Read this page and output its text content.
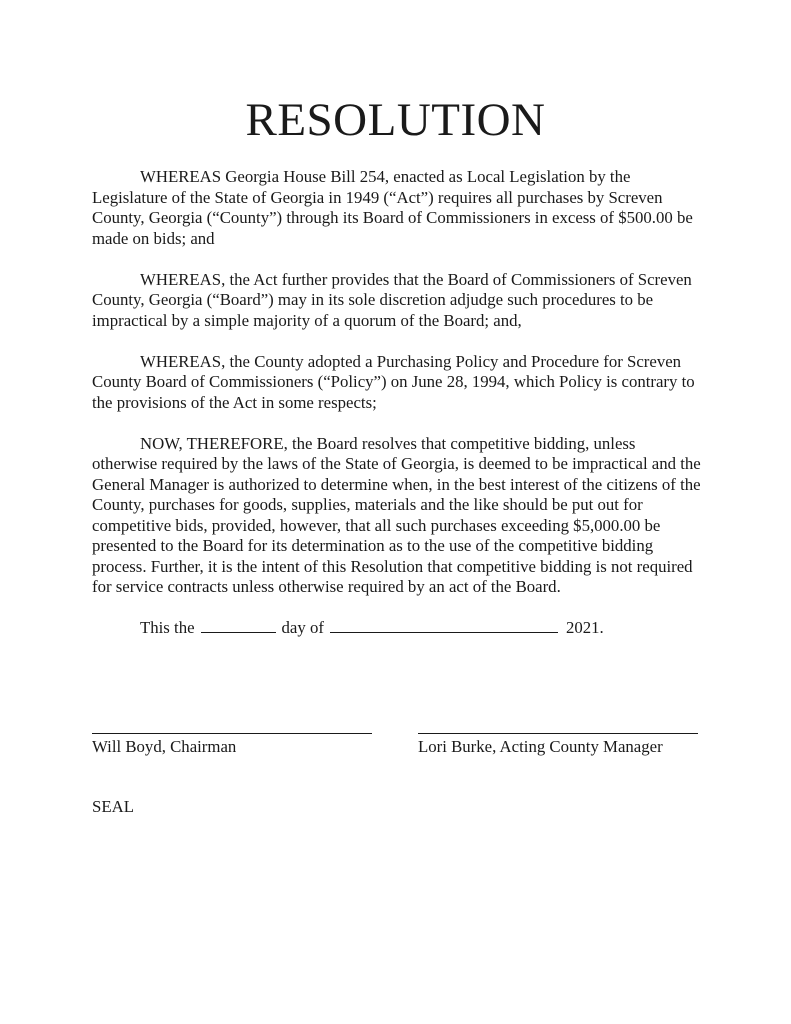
RESOLUTION

WHEREAS Georgia House Bill 254, enacted as Local Legislation by the Legislature of the State of Georgia in 1949 (“Act”) requires all purchases by Screven County, Georgia (“County”) through its Board of Commissioners in excess of $500.00 be made on bids; and

WHEREAS, the Act further provides that the Board of Commissioners of Screven County, Georgia (“Board”) may in its sole discretion adjudge such procedures to be impractical by a simple majority of a quorum of the Board; and,

WHEREAS, the County adopted a Purchasing Policy and Procedure for Screven County Board of Commissioners (“Policy”) on June 28, 1994, which Policy is contrary to the provisions of the Act in some respects;

NOW, THEREFORE, the Board resolves that competitive bidding, unless otherwise required by the laws of the State of Georgia, is deemed to be impractical and the General Manager is authorized to determine when, in the best interest of the citizens of the County, purchases for goods, supplies, materials and the like should be put out for competitive bids, provided, however, that all such purchases exceeding $5,000.00 be presented to the Board for its determination as to the use of the competitive bidding process. Further, it is the intent of this Resolution that competitive bidding is not required for service contracts unless otherwise required by an act of the Board.

This the	day of	2021.

Will Boyd, Chairman	Lori Burke, Acting County Manager
SEAL
